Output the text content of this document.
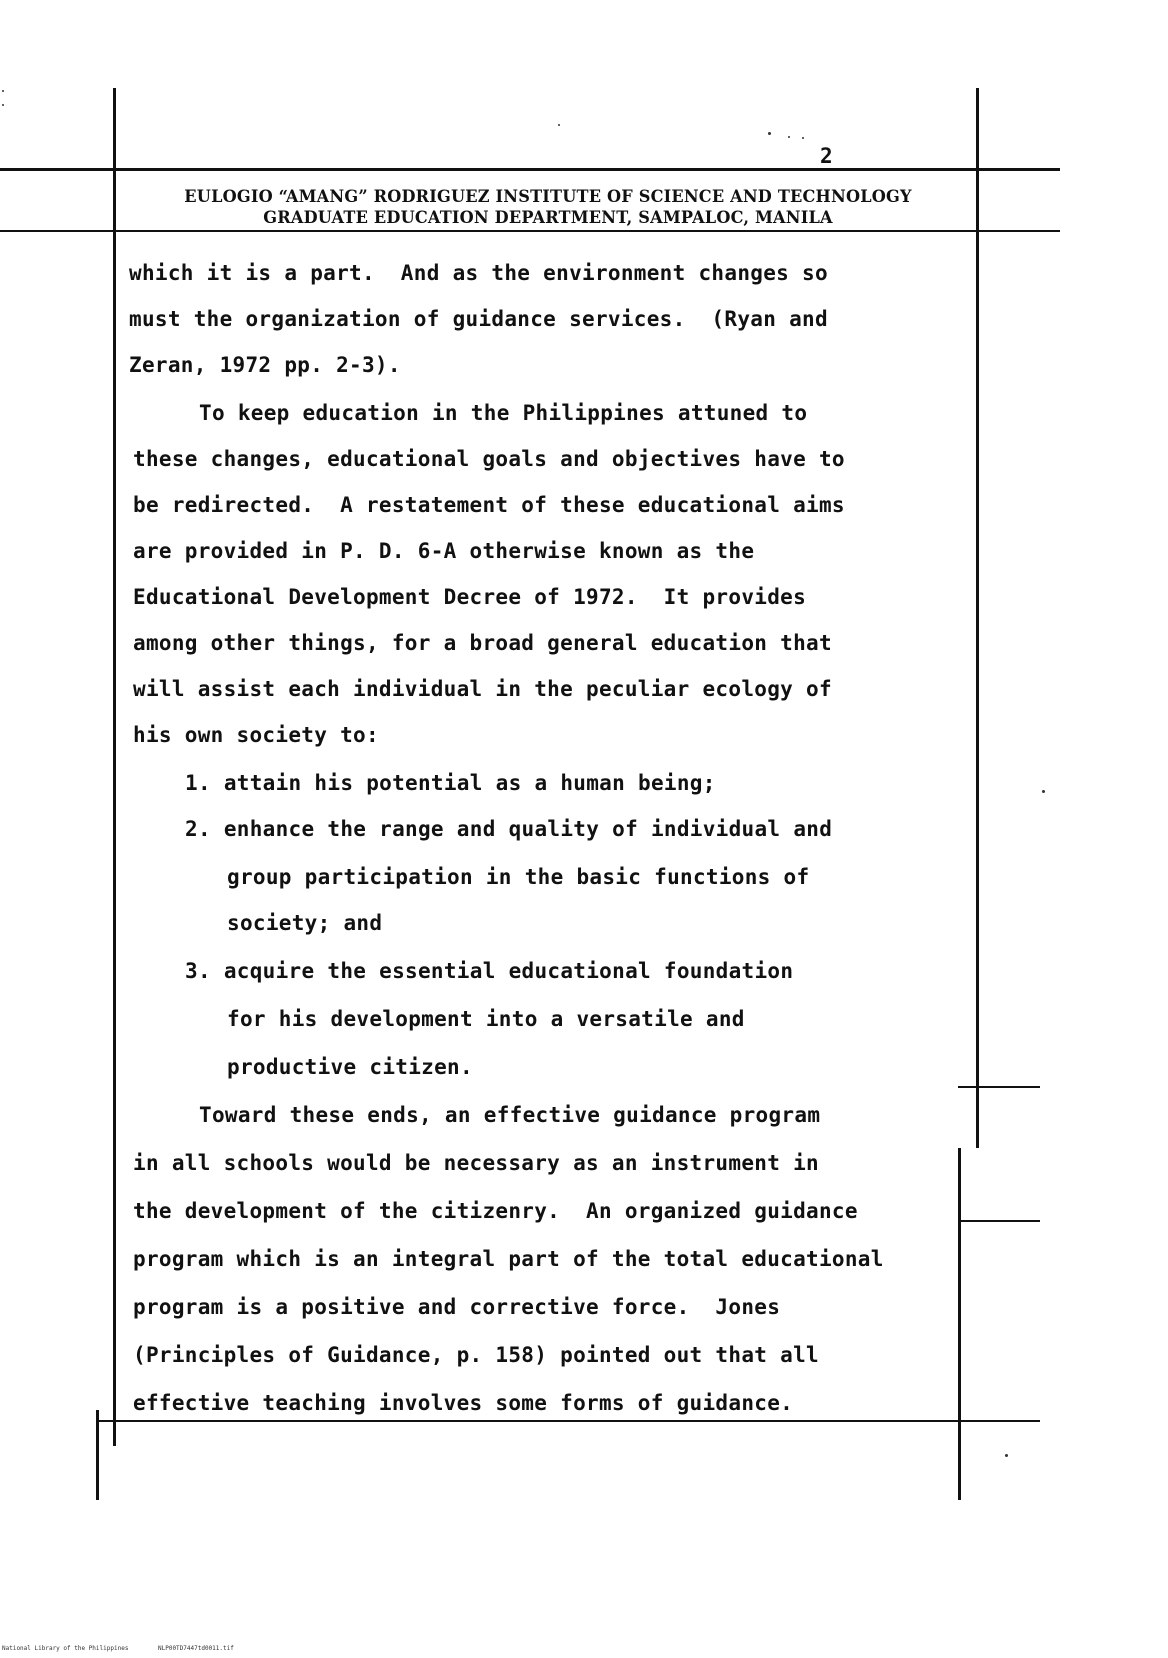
2
EULOGIO “AMANG” RODRIGUEZ INSTITUTE OF SCIENCE AND TECHNOLOGY
GRADUATE EDUCATION DEPARTMENT, SAMPALOC, MANILA
which it is a part.  And as the environment changes so
must the organization of guidance services.  (Ryan and
Zeran, 1972 pp. 2-3).
To keep education in the Philippines attuned to
these changes, educational goals and objectives have to
be redirected.  A restatement of these educational aims
are provided in P. D. 6-A otherwise known as the
Educational Development Decree of 1972.  It provides
among other things, for a broad general education that
will assist each individual in the peculiar ecology of
his own society to:
1. attain his potential as a human being;
2. enhance the range and quality of individual and
group participation in the basic functions of
society; and
3. acquire the essential educational foundation
for his development into a versatile and
productive citizen.
Toward these ends, an effective guidance program
in all schools would be necessary as an instrument in
the development of the citizenry.  An organized guidance
program which is an integral part of the total educational
program is a positive and corrective force.  Jones
(Principles of Guidance, p. 158) pointed out that all
effective teaching involves some forms of guidance.
National Library of the Philippines	NLP00TD7447td0011.tif
